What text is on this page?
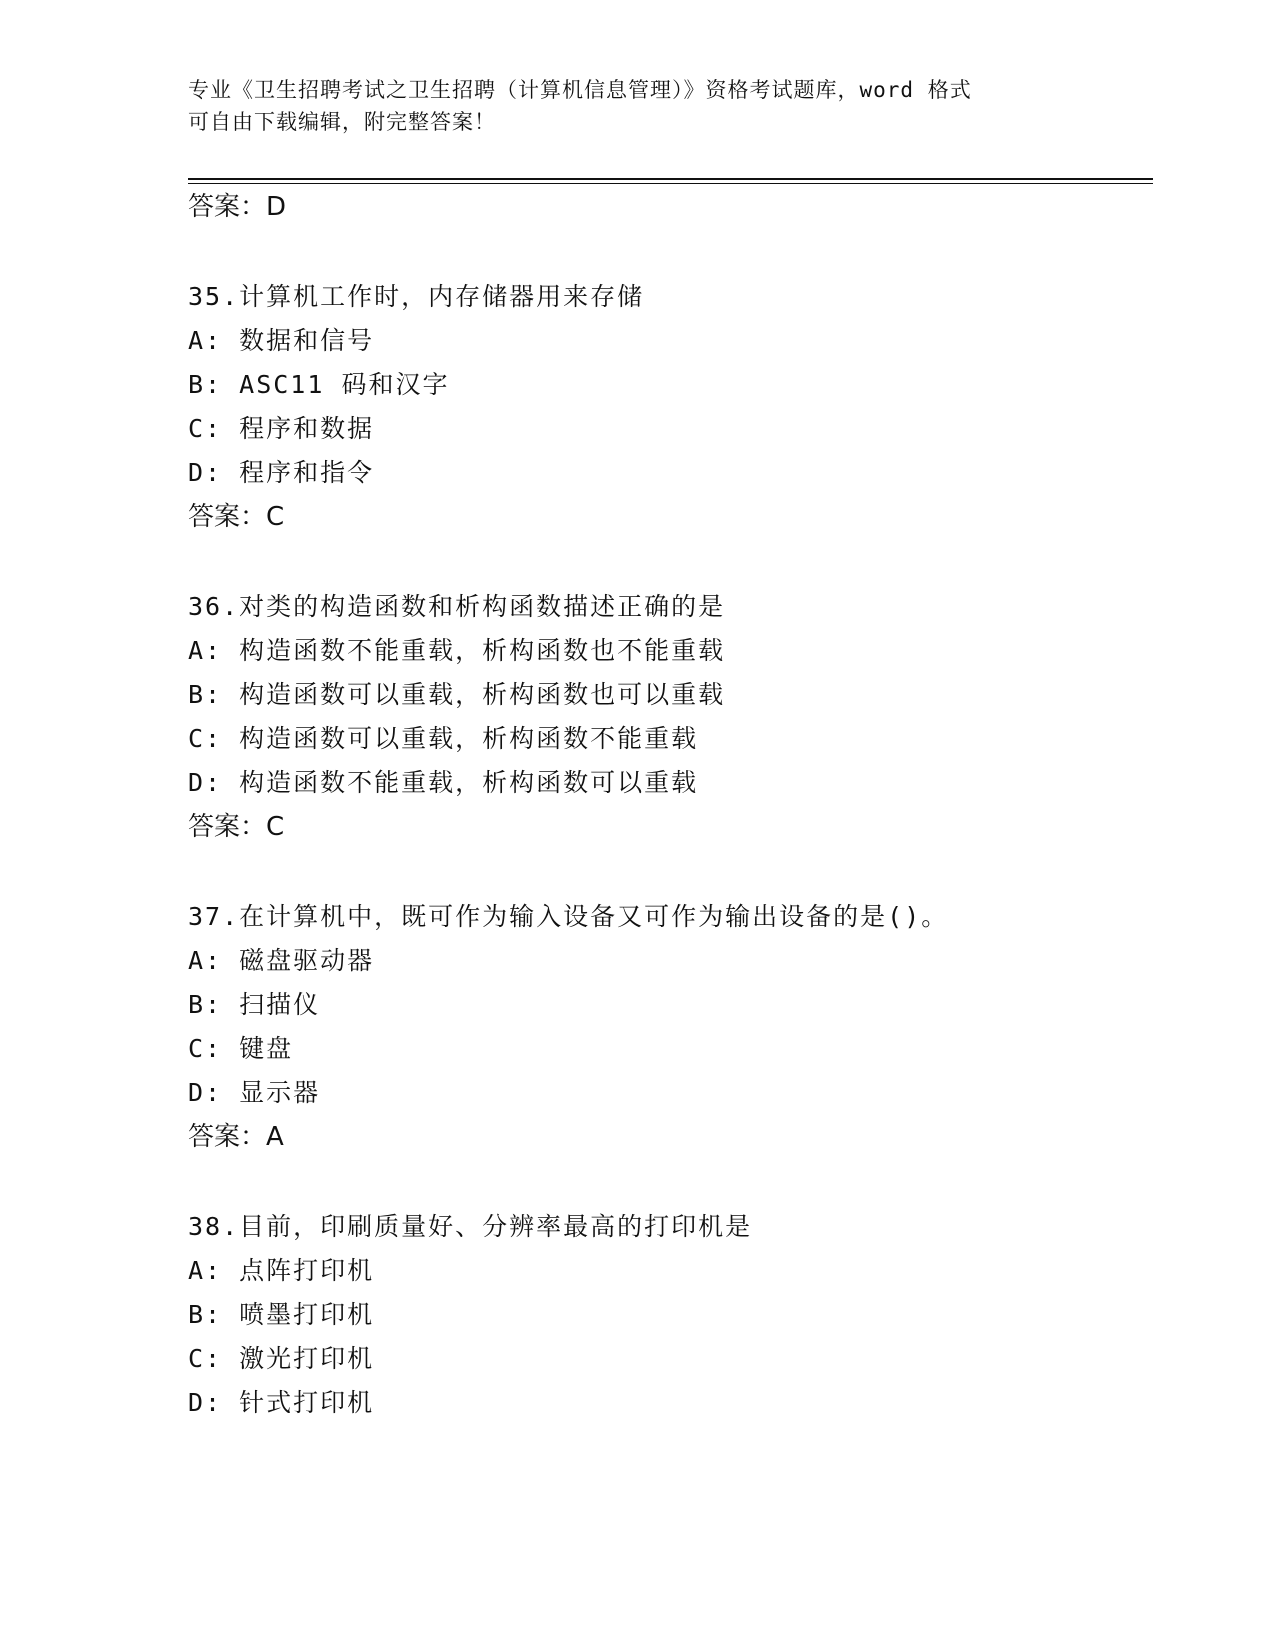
专业《卫生招聘考试之卫生招聘（计算机信息管理）》资格考试题库，word 格式
可自由下载编辑，附完整答案！
答案：D
35.计算机工作时，内存储器用来存储
A: 数据和信号
B: ASC11 码和汉字
C: 程序和数据
D: 程序和指令
答案：C
36.对类的构造函数和析构函数描述正确的是
A: 构造函数不能重载，析构函数也不能重载
B: 构造函数可以重载，析构函数也可以重载
C: 构造函数可以重载，析构函数不能重载
D: 构造函数不能重载，析构函数可以重载
答案：C
37.在计算机中，既可作为输入设备又可作为输出设备的是()。
A: 磁盘驱动器
B: 扫描仪
C: 键盘
D: 显示器
答案：A
38.目前，印刷质量好、分辨率最高的打印机是
A: 点阵打印机
B: 喷墨打印机
C: 激光打印机
D: 针式打印机
